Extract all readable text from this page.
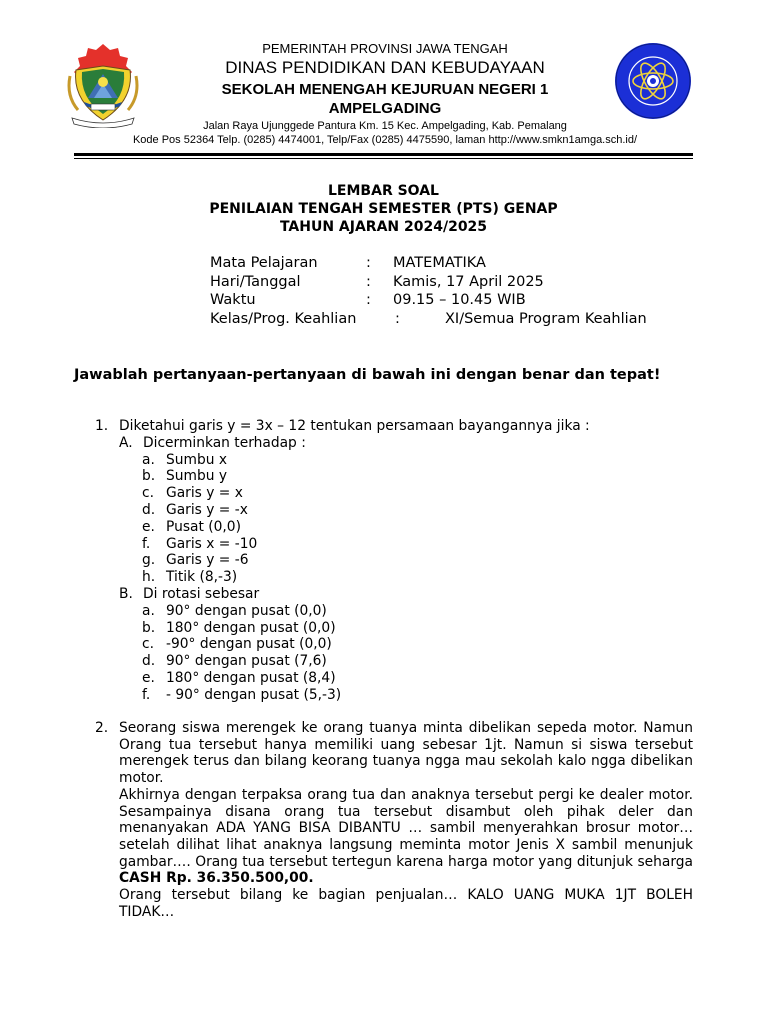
PEMERINTAH PROVINSI JAWA TENGAH
DINAS PENDIDIKAN DAN KEBUDAYAAN
SEKOLAH MENENGAH KEJURUAN NEGERI 1
AMPELGADING
Jalan Raya Ujunggede Pantura Km. 15 Kec. Ampelgading, Kab. Pemalang
Kode Pos 52364 Telp. (0285) 4474001, Telp/Fax (0285) 4475590, laman http://www.smkn1amga.sch.id/
LEMBAR SOAL
PENILAIAN TENGAH SEMESTER (PTS) GENAP
TAHUN AJARAN 2024/2025
Mata Pelajaran	: MATEMATIKA
Hari/Tanggal	: Kamis, 17 April 2025
Waktu	: 09.15 – 10.45 WIB
Kelas/Prog. Keahlian	:	XI/Semua Program Keahlian
Jawablah pertanyaan-pertanyaan di bawah ini dengan benar dan tepat!
1. Diketahui garis y = 3x – 12 tentukan persamaan bayangannya jika :
A. Dicerminkan terhadap :
a. Sumbu x
b. Sumbu y
c. Garis y = x
d. Garis y = -x
e. Pusat (0,0)
f. Garis x = -10
g. Garis y = -6
h. Titik (8,-3)
B. Di rotasi sebesar
a. 90° dengan pusat (0,0)
b. 180° dengan pusat (0,0)
c. -90° dengan pusat (0,0)
d. 90° dengan pusat (7,6)
e. 180° dengan pusat (8,4)
f. - 90° dengan pusat (5,-3)
2. Seorang siswa merengek ke orang tuanya minta dibelikan sepeda motor. Namun Orang tua tersebut hanya memiliki uang sebesar 1jt. Namun si siswa tersebut merengek terus dan bilang keorang tuanya ngga mau sekolah kalo ngga dibelikan motor.

Akhirnya dengan terpaksa orang tua dan anaknya tersebut pergi ke dealer motor. Sesampainya disana orang tua tersebut disambut oleh pihak deler dan menanyakan ADA YANG BISA DIBANTU … sambil menyerahkan brosur motor… setelah dilihat lihat anaknya langsung meminta motor Jenis X sambil menunjuk gambar…. Orang tua tersebut tertegun karena harga motor yang ditunjuk seharga CASH Rp. 36.350.500,00.

Orang tersebut bilang ke bagian penjualan… KALO UANG MUKA 1JT BOLEH TIDAK…
